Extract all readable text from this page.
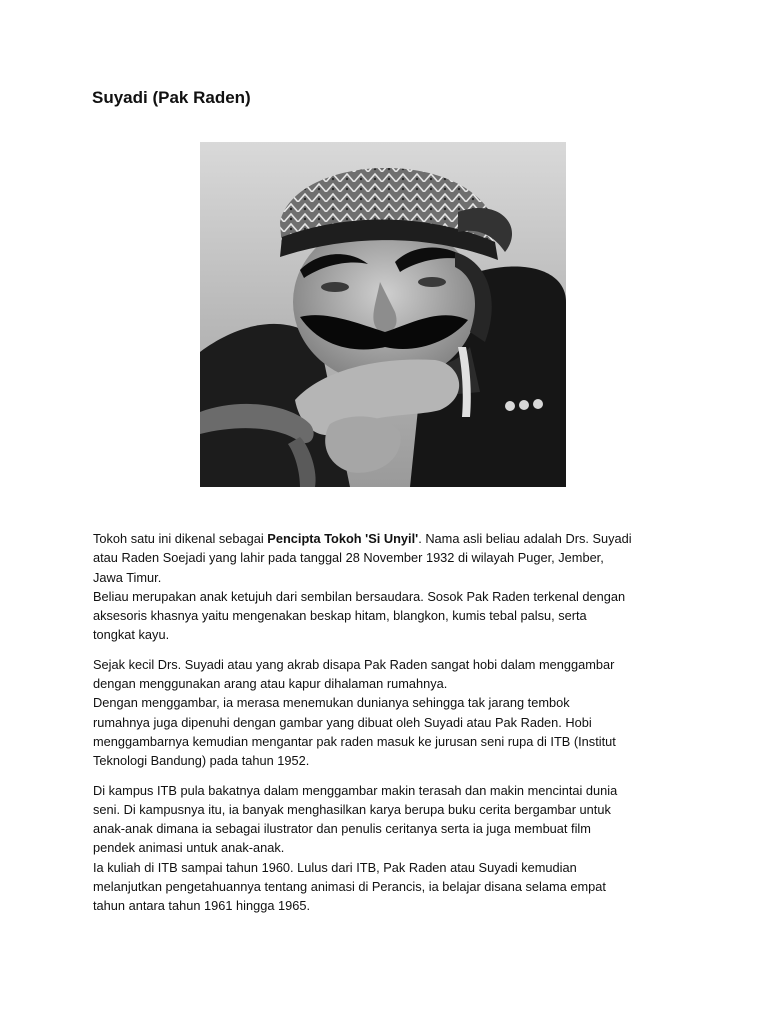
Suyadi (Pak Raden)

Tokoh satu ini dikenal sebagai Pencipta Tokoh 'Si Unyil'. Nama asli beliau adalah Drs. Suyadi
atau Raden Soejadi yang lahir pada tanggal 28 November 1932 di wilayah Puger, Jember,
Jawa Timur.
Beliau merupakan anak ketujuh dari sembilan bersaudara. Sosok Pak Raden terkenal dengan
aksesoris khasnya yaitu mengenakan beskap hitam, blangkon, kumis tebal palsu, serta
tongkat kayu.

Sejak kecil Drs. Suyadi atau yang akrab disapa Pak Raden sangat hobi dalam menggambar
dengan menggunakan arang atau kapur dihalaman rumahnya.
Dengan menggambar, ia merasa menemukan dunianya sehingga tak jarang tembok
rumahnya juga dipenuhi dengan gambar yang dibuat oleh Suyadi atau Pak Raden. Hobi
menggambarnya kemudian mengantar pak raden masuk ke jurusan seni rupa di ITB (Institut
Teknologi Bandung) pada tahun 1952.

Di kampus ITB pula bakatnya dalam menggambar makin terasah dan makin mencintai dunia
seni. Di kampusnya itu, ia banyak menghasilkan karya berupa buku cerita bergambar untuk
anak-anak dimana ia sebagai ilustrator dan penulis ceritanya serta ia juga membuat film
pendek animasi untuk anak-anak.
Ia kuliah di ITB sampai tahun 1960. Lulus dari ITB, Pak Raden atau Suyadi kemudian
melanjutkan pengetahuannya tentang animasi di Perancis, ia belajar disana selama empat
tahun antara tahun 1961 hingga 1965.
